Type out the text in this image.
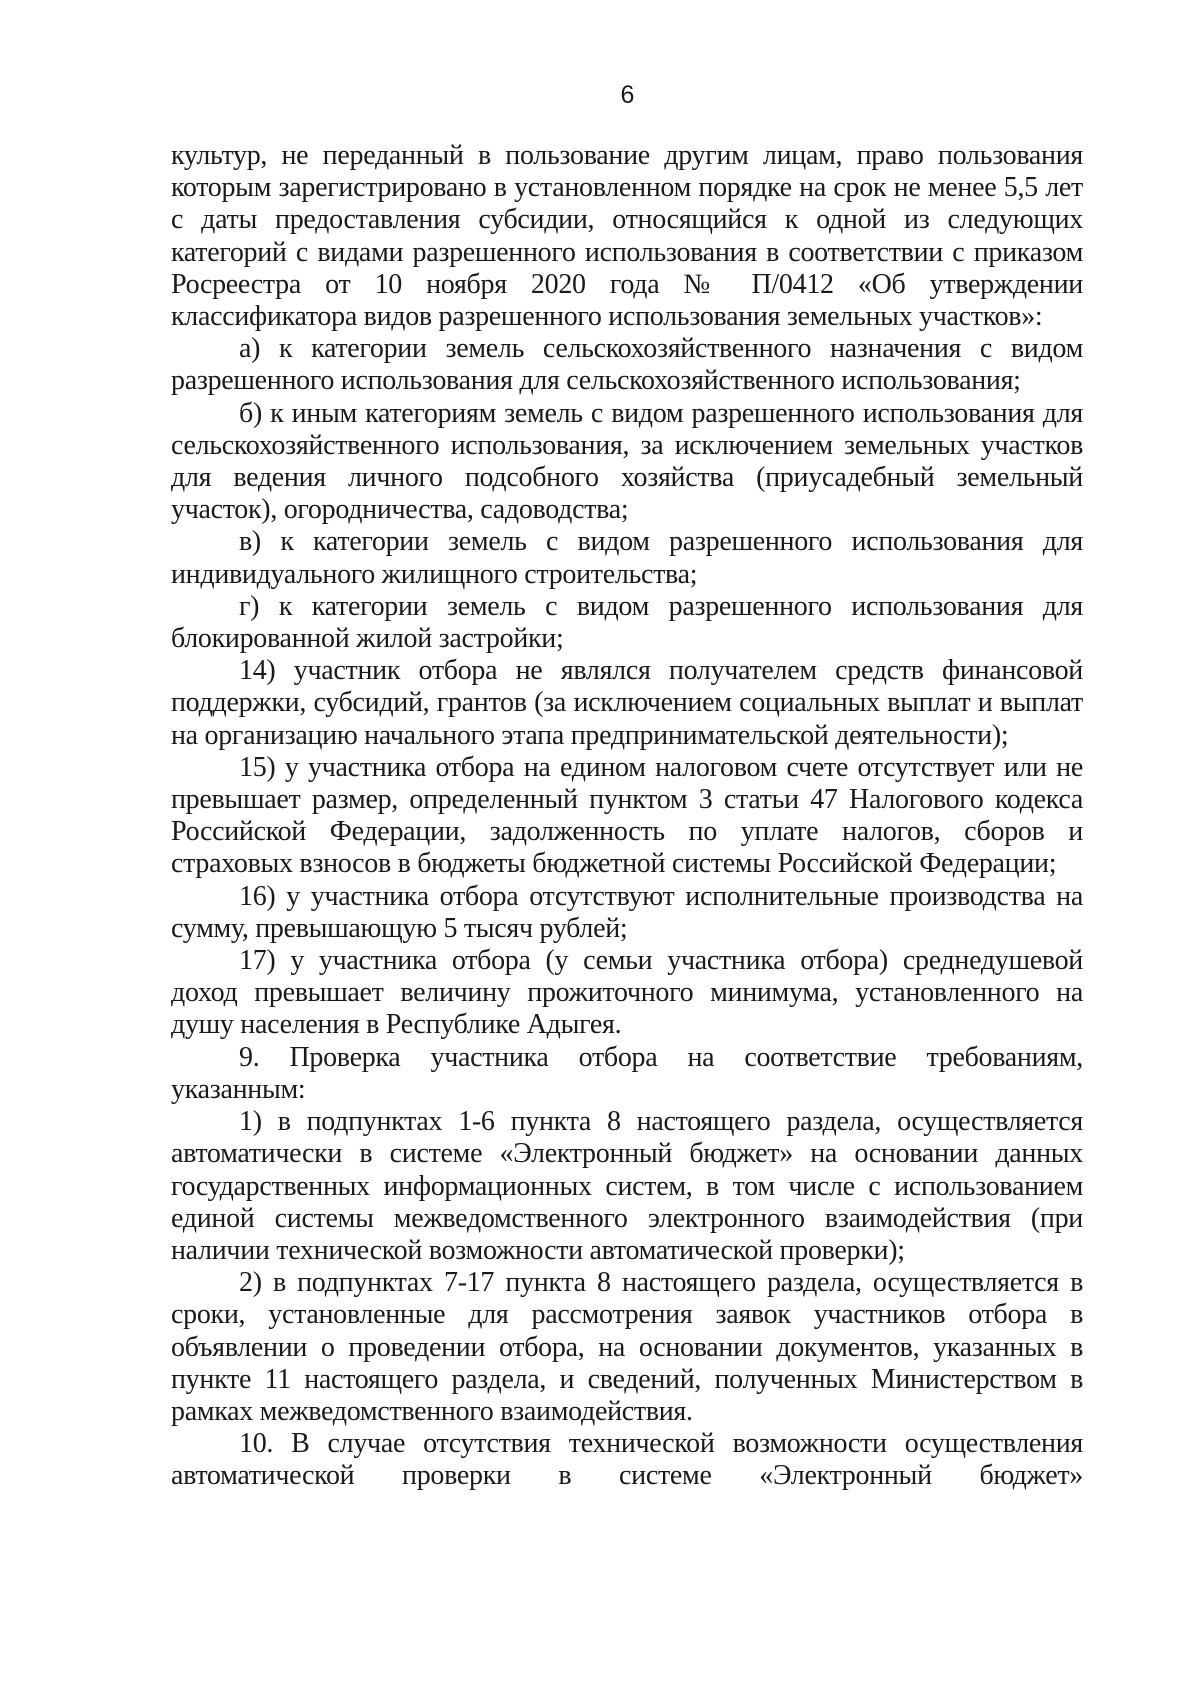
6

культур, не переданный в пользование другим лицам, право пользования которым зарегистрировано в установленном порядке на срок не менее 5,5 лет с даты предоставления субсидии, относящийся к одной из следующих категорий с видами разрешенного использования в соответствии с приказом Росреестра от 10 ноября 2020 года № П/0412 «Об утверждении классификатора видов разрешенного использования земельных участков»:

а) к категории земель сельскохозяйственного назначения с видом разрешенного использования для сельскохозяйственного использования;

б) к иным категориям земель с видом разрешенного использования для сельскохозяйственного использования, за исключением земельных участков для ведения личного подсобного хозяйства (приусадебный земельный участок), огородничества, садоводства;

в) к категории земель с видом разрешенного использования для индивидуального жилищного строительства;

г) к категории земель с видом разрешенного использования для блокированной жилой застройки;

14) участник отбора не являлся получателем средств финансовой поддержки, субсидий, грантов (за исключением социальных выплат и выплат на организацию начального этапа предпринимательской деятельности);

15) у участника отбора на едином налоговом счете отсутствует или не превышает размер, определенный пунктом 3 статьи 47 Налогового кодекса Российской Федерации, задолженность по уплате налогов, сборов и страховых взносов в бюджеты бюджетной системы Российской Федерации;

16) у участника отбора отсутствуют исполнительные производства на сумму, превышающую 5 тысяч рублей;

17) у участника отбора (у семьи участника отбора) среднедушевой доход превышает величину прожиточного минимума, установленного на душу населения в Республике Адыгея.

9. Проверка участника отбора на соответствие требованиям, указанным:

1) в подпунктах 1-6 пункта 8 настоящего раздела, осуществляется автоматически в системе «Электронный бюджет» на основании данных государственных информационных систем, в том числе с использованием единой системы межведомственного электронного взаимодействия (при наличии технической возможности автоматической проверки);

2) в подпунктах 7-17 пункта 8 настоящего раздела, осуществляется в сроки, установленные для рассмотрения заявок участников отбора в объявлении о проведении отбора, на основании документов, указанных в пункте 11 настоящего раздела, и сведений, полученных Министерством в рамках межведомственного взаимодействия.

10. В случае отсутствия технической возможности осуществления автоматической проверки в системе «Электронный бюджет»
